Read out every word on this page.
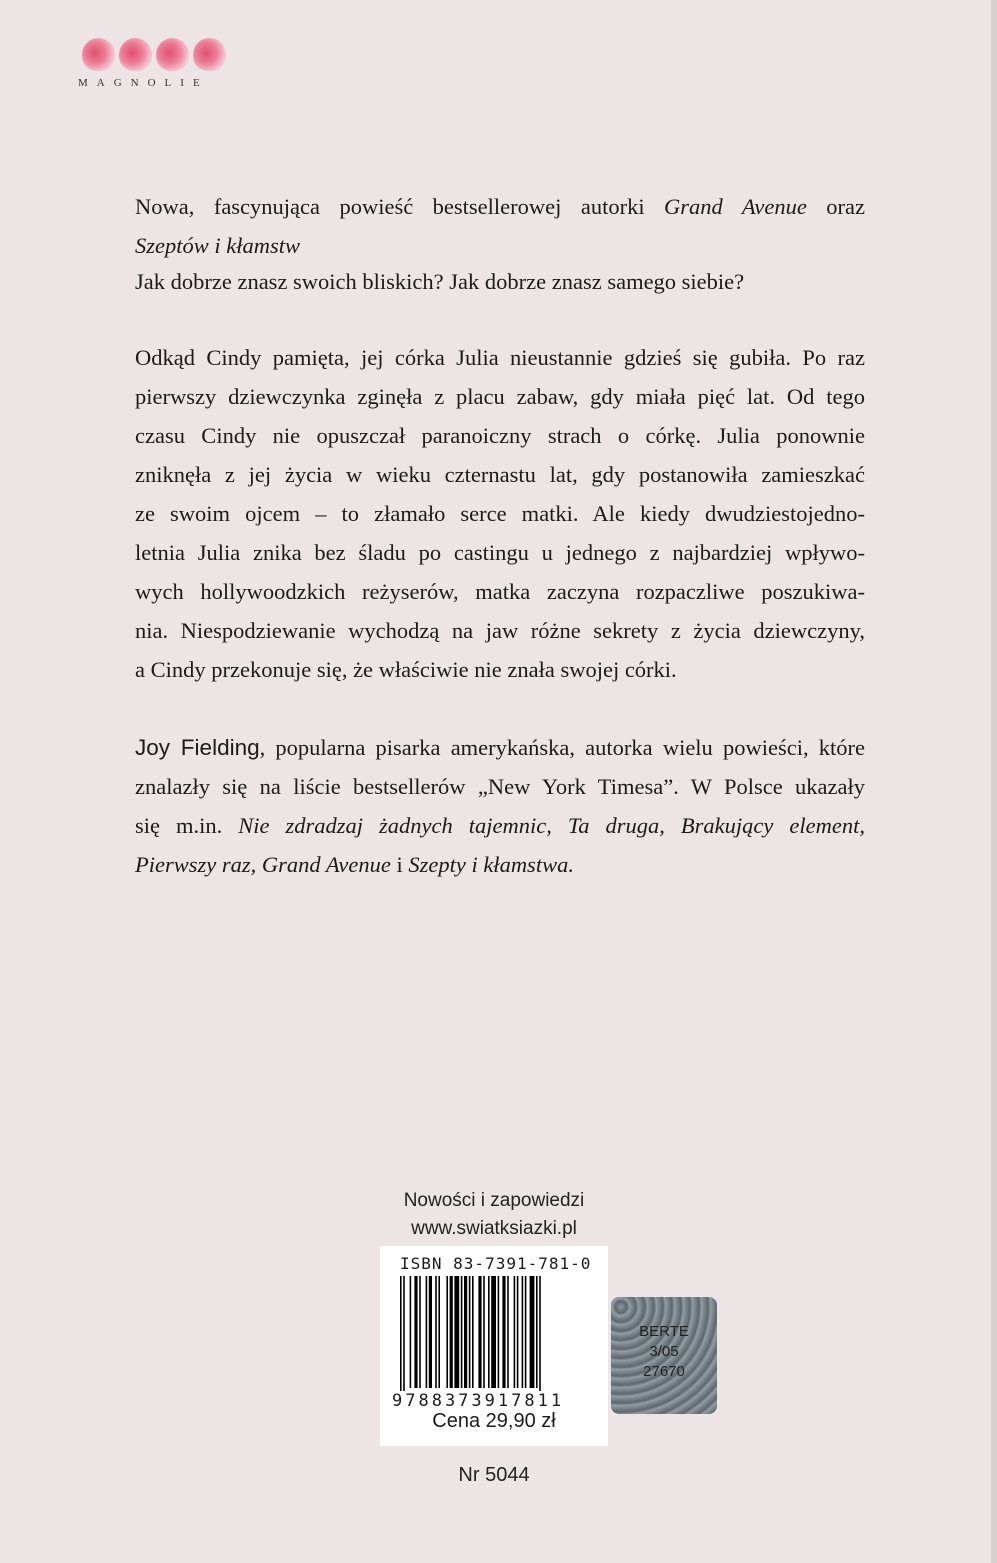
MAGNOLIE
Nowa, fascynująca powieść bestsellerowej autorki Grand Avenue oraz
Szeptów i kłamstw
Jak dobrze znasz swoich bliskich? Jak dobrze znasz samego siebie?
Odkąd Cindy pamięta, jej córka Julia nieustannie gdzieś się gubiła. Po raz
pierwszy dziewczynka zginęła z placu zabaw, gdy miała pięć lat. Od tego
czasu Cindy nie opuszczał paranoiczny strach o córkę. Julia ponownie
zniknęła z jej życia w wieku czternastu lat, gdy postanowiła zamieszkać
ze swoim ojcem – to złamało serce matki. Ale kiedy dwudziestojedno-
letnia Julia znika bez śladu po castingu u jednego z najbardziej wpływo-
wych hollywoodzkich reżyserów, matka zaczyna rozpaczliwe poszukiwa-
nia. Niespodziewanie wychodzą na jaw różne sekrety z życia dziewczyny,
a Cindy przekonuje się, że właściwie nie znała swojej córki.
Joy Fielding, popularna pisarka amerykańska, autorka wielu powieści, które
znalazły się na liście bestsellerów „New York Timesa”. W Polsce ukazały
się m.in. Nie zdradzaj żadnych tajemnic, Ta druga, Brakujący element,
Pierwszy raz, Grand Avenue i Szepty i kłamstwa.
Nowości i zapowiedzi
www.swiatksiazki.pl
ISBN 83-7391-781-0
9788373917811
Cena 29,90 zł
BERTE
3/05
27670
Nr 5044
